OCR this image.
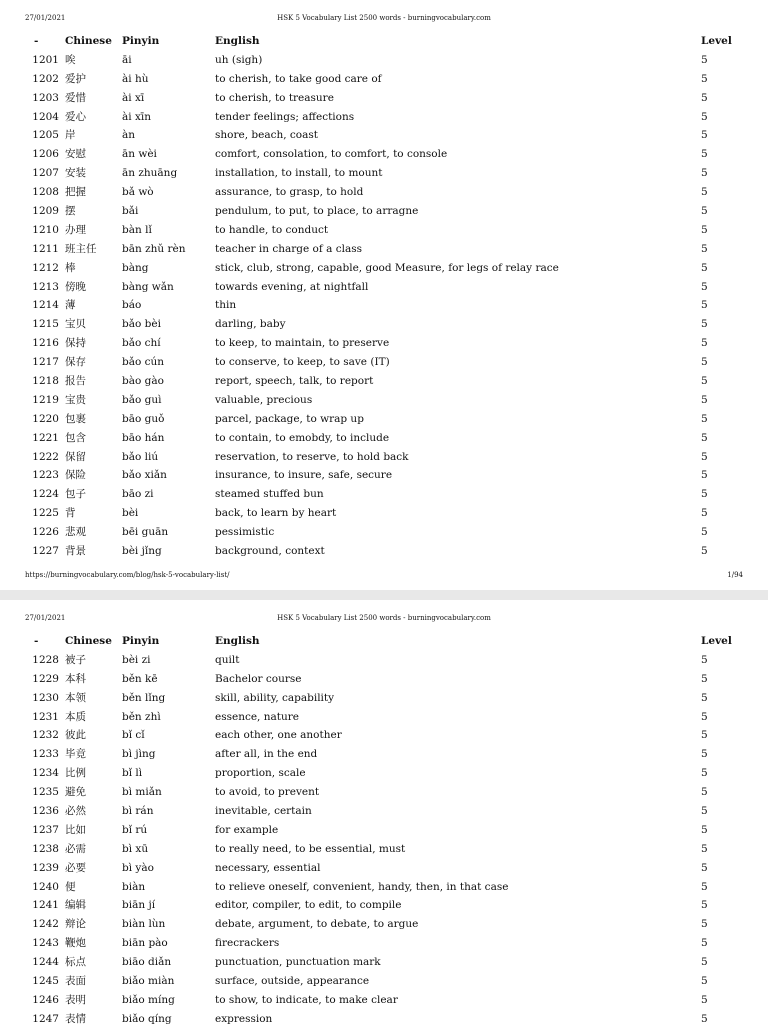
27/01/2021	HSK 5 Vocabulary List 2500 words - burningvocabulary.com
-	Chinese Pinyin	English	Level
1201 唉	āi	uh (sigh)	5
1202 爱护	ài hù	to cherish, to take good care of	5
1203 爱惜	ài xī	to cherish, to treasure	5
1204 爱心	ài xīn	tender feelings; affections	5
1205 岸	àn	shore, beach, coast	5
1206 安慰	ān wèi	comfort, consolation, to comfort, to console	5
1207 安装	ān zhuāng	installation, to install, to mount	5
1208 把握	bǎ wò	assurance, to grasp, to hold	5
1209 摆	bǎi	pendulum, to put, to place, to arragne	5
1210 办理	bàn lǐ	to handle, to conduct	5
1211 班主任 bān zhǔ rèn	teacher in charge of a class	5
1212 棒	bàng	stick, club, strong, capable, good Measure, for legs of relay race	5
1213 傍晚	bàng wǎn	towards evening, at nightfall	5
1214 薄	báo	thin	5
1215 宝贝	bǎo bèi	darling, baby	5
1216 保持	bǎo chí	to keep, to maintain, to preserve	5
1217 保存	bǎo cún	to conserve, to keep, to save (IT)	5
1218 报告	bào gào	report, speech, talk, to report	5
1219 宝贵	bǎo guì	valuable, precious	5
1220 包裹	bāo guǒ	parcel, package, to wrap up	5
1221 包含	bāo hán	to contain, to emobdy, to include	5
1222 保留	bǎo liú	reservation, to reserve, to hold back	5
1223 保险	bǎo xiǎn	insurance, to insure, safe, secure	5
1224 包子	bāo zi	steamed stuffed bun	5
1225 背	bèi	back, to learn by heart	5
1226 悲观	bēi guān	pessimistic	5
1227 背景	bèi jǐng	background, context	5
https://burningvocabulary.com/blog/hsk-5-vocabulary-list/	1/94
27/01/2021	HSK 5 Vocabulary List 2500 words - burningvocabulary.com
-	Chinese Pinyin	English	Level
1228 被子	bèi zi	quilt	5
1229 本科	běn kē	Bachelor course	5
1230 本领	běn lǐng	skill, ability, capability	5
1231 本质	běn zhì	essence, nature	5
1232 彼此	bǐ cǐ	each other, one another	5
1233 毕竟	bì jìng	after all, in the end	5
1234 比例	bǐ lì	proportion, scale	5
1235 避免	bì miǎn	to avoid, to prevent	5
1236 必然	bì rán	inevitable, certain	5
1237 比如	bǐ rú	for example	5
1238 必需	bì xū	to really need, to be essential, must	5
1239 必要	bì yào	necessary, essential	5
1240 便	biàn	to relieve oneself, convenient, handy, then, in that case	5
1241 编辑	biān jí	editor, compiler, to edit, to compile	5
1242 辩论	biàn lùn	debate, argument, to debate, to argue	5
1243 鞭炮	biān pào	firecrackers	5
1244 标点	biāo diǎn	punctuation, punctuation mark	5
1245 表面	biǎo miàn	surface, outside, appearance	5
1246 表明	biǎo míng	to show, to indicate, to make clear	5
1247 表情	biǎo qíng	expression	5
